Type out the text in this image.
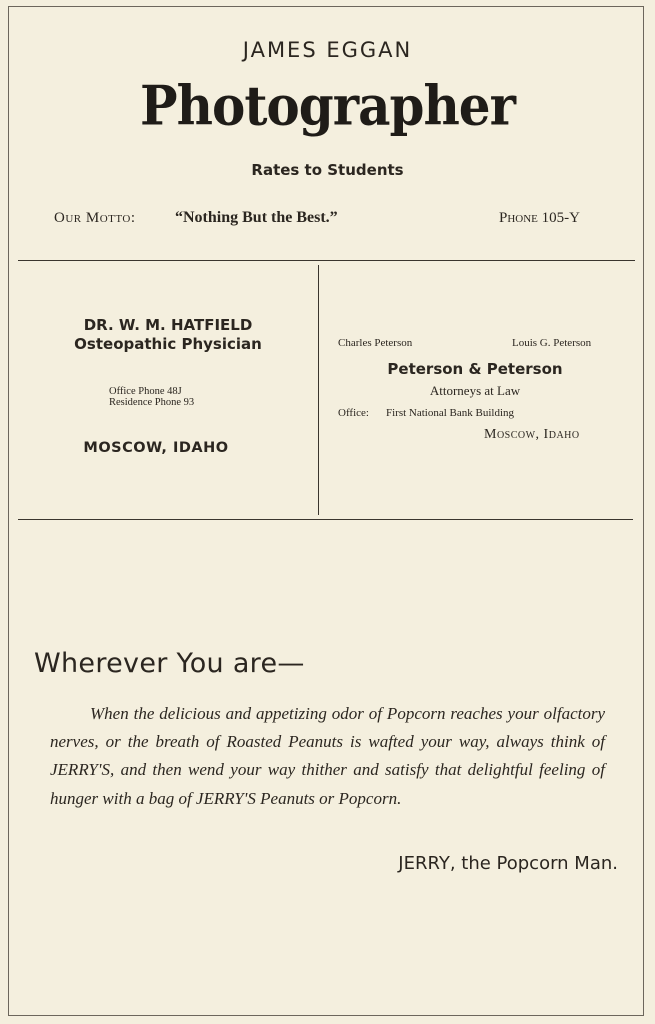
JAMES EGGAN
Photographer
Rates to Students
Our Motto: “Nothing But the Best.”	Phone 105-Y
DR. W. M. HATFIELD
Osteopathic Physician
Office Phone 48J
Residence Phone 93
MOSCOW, IDAHO
Charles Peterson	Louis G. Peterson
Peterson & Peterson
Attorneys at Law
Office: First National Bank Building
Moscow, Idaho
Wherever You are—
When the delicious and appetizing odor of Popcorn reaches your olfactory nerves, or the breath of Roasted Peanuts is wafted your way, always think of JERRY'S, and then wend your way thither and satisfy that delightful feeling of hunger with a bag of JERRY'S Peanuts or Popcorn.
JERRY, the Popcorn Man.
